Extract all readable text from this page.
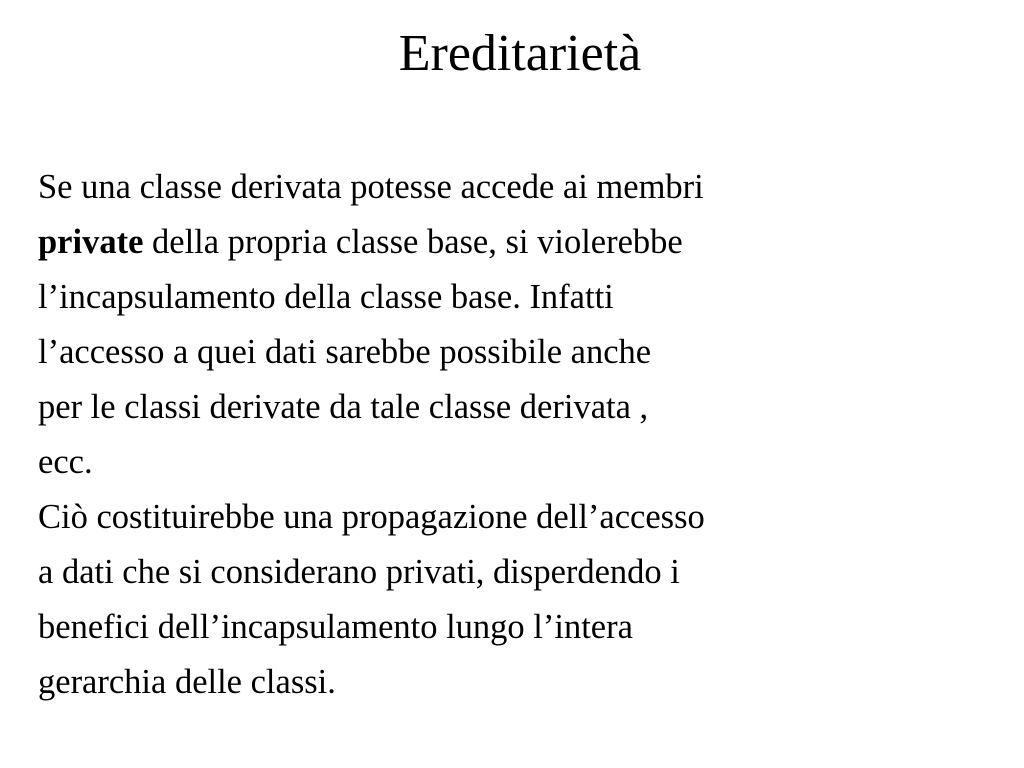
Ereditarietà

Se una classe derivata potesse accede ai membri
private della propria classe base, si violerebbe
l’incapsulamento della classe base. Infatti
l’accesso a quei dati sarebbe possibile anche
per le classi derivate da tale classe derivata ,
ecc.

Ciò costituirebbe una propagazione dell’accesso
a dati che si considerano privati, disperdendo i
benefici dell’incapsulamento lungo l’intera
gerarchia delle classi.
